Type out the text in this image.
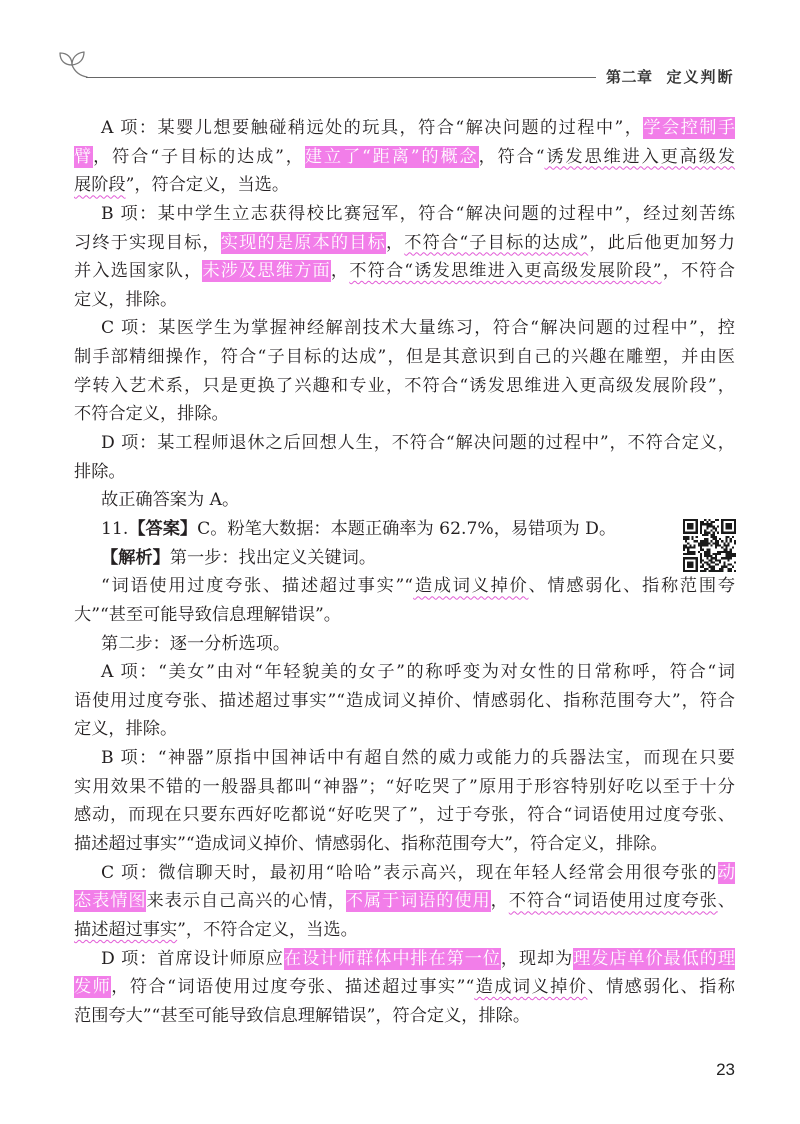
第二章 定义判断
A 项：某婴儿想要触碰稍远处的玩具，符合“解决问题的过程中”，学会控制手
臂，符合“子目标的达成”，建立了“距离”的概念，符合“诱发思维进入更高级发
展阶段”，符合定义，当选。
B 项：某中学生立志获得校比赛冠军，符合“解决问题的过程中”，经过刻苦练
习终于实现目标，实现的是原本的目标，不符合“子目标的达成”，此后他更加努力
并入选国家队，未涉及思维方面，不符合“诱发思维进入更高级发展阶段”，不符合
定义，排除。
C 项：某医学生为掌握神经解剖技术大量练习，符合“解决问题的过程中”，控
制手部精细操作，符合“子目标的达成”，但是其意识到自己的兴趣在雕塑，并由医
学转入艺术系，只是更换了兴趣和专业，不符合“诱发思维进入更高级发展阶段”，
不符合定义，排除。
D 项：某工程师退休之后回想人生，不符合“解决问题的过程中”，不符合定义，
排除。
故正确答案为 A。
11.【答案】C。粉笔大数据：本题正确率为 62.7%，易错项为 D。
【解析】第一步：找出定义关键词。
“词语使用过度夸张、描述超过事实”“造成词义掉价、情感弱化、指称范围夸
大”“甚至可能导致信息理解错误”。
第二步：逐一分析选项。
A 项：“美女”由对“年轻貌美的女子”的称呼变为对女性的日常称呼，符合“词
语使用过度夸张、描述超过事实”“造成词义掉价、情感弱化、指称范围夸大”，符合
定义，排除。
B 项：“神器”原指中国神话中有超自然的威力或能力的兵器法宝，而现在只要
实用效果不错的一般器具都叫“神器”；“好吃哭了”原用于形容特别好吃以至于十分
感动，而现在只要东西好吃都说“好吃哭了”，过于夸张，符合“词语使用过度夸张、
描述超过事实”“造成词义掉价、情感弱化、指称范围夸大”，符合定义，排除。
C 项：微信聊天时，最初用“哈哈”表示高兴，现在年轻人经常会用很夸张的动
态表情图来表示自己高兴的心情，不属于词语的使用，不符合“词语使用过度夸张、
描述超过事实”，不符合定义，当选。
D 项：首席设计师原应在设计师群体中排在第一位，现却为理发店单价最低的理
发师，符合“词语使用过度夸张、描述超过事实”“造成词义掉价、情感弱化、指称
范围夸大”“甚至可能导致信息理解错误”，符合定义，排除。
23
